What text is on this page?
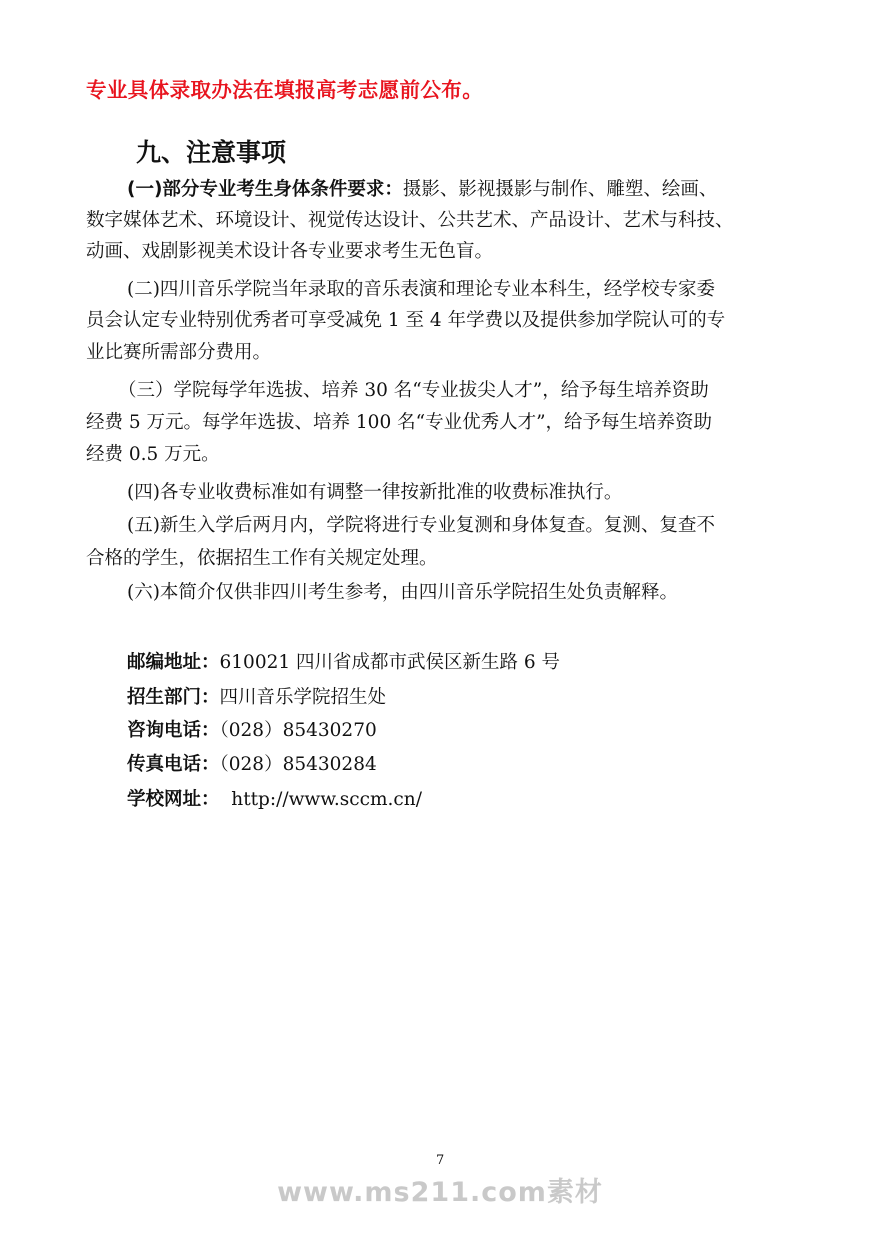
专业具体录取办法在填报高考志愿前公布。
九、注意事项
(一)部分专业考生身体条件要求：摄影、影视摄影与制作、雕塑、绘画、
数字媒体艺术、环境设计、视觉传达设计、公共艺术、产品设计、艺术与科技、
动画、戏剧影视美术设计各专业要求考生无色盲。
(二)四川音乐学院当年录取的音乐表演和理论专业本科生，经学校专家委
员会认定专业特别优秀者可享受减免 1 至 4 年学费以及提供参加学院认可的专
业比赛所需部分费用。
（三）学院每学年选拔、培养 30 名“专业拔尖人才”，给予每生培养资助
经费 5 万元。每学年选拔、培养 100 名“专业优秀人才”，给予每生培养资助
经费 0.5 万元。
(四)各专业收费标准如有调整一律按新批准的收费标准执行。
(五)新生入学后两月内，学院将进行专业复测和身体复查。复测、复查不
合格的学生，依据招生工作有关规定处理。
(六)本简介仅供非四川考生参考，由四川音乐学院招生处负责解释。
邮编地址：610021 四川省成都市武侯区新生路 6 号
招生部门：四川音乐学院招生处
咨询电话：（028）85430270
传真电话：（028）85430284
学校网址：  http://www.sccm.cn/
7
www.ms211.com素材
